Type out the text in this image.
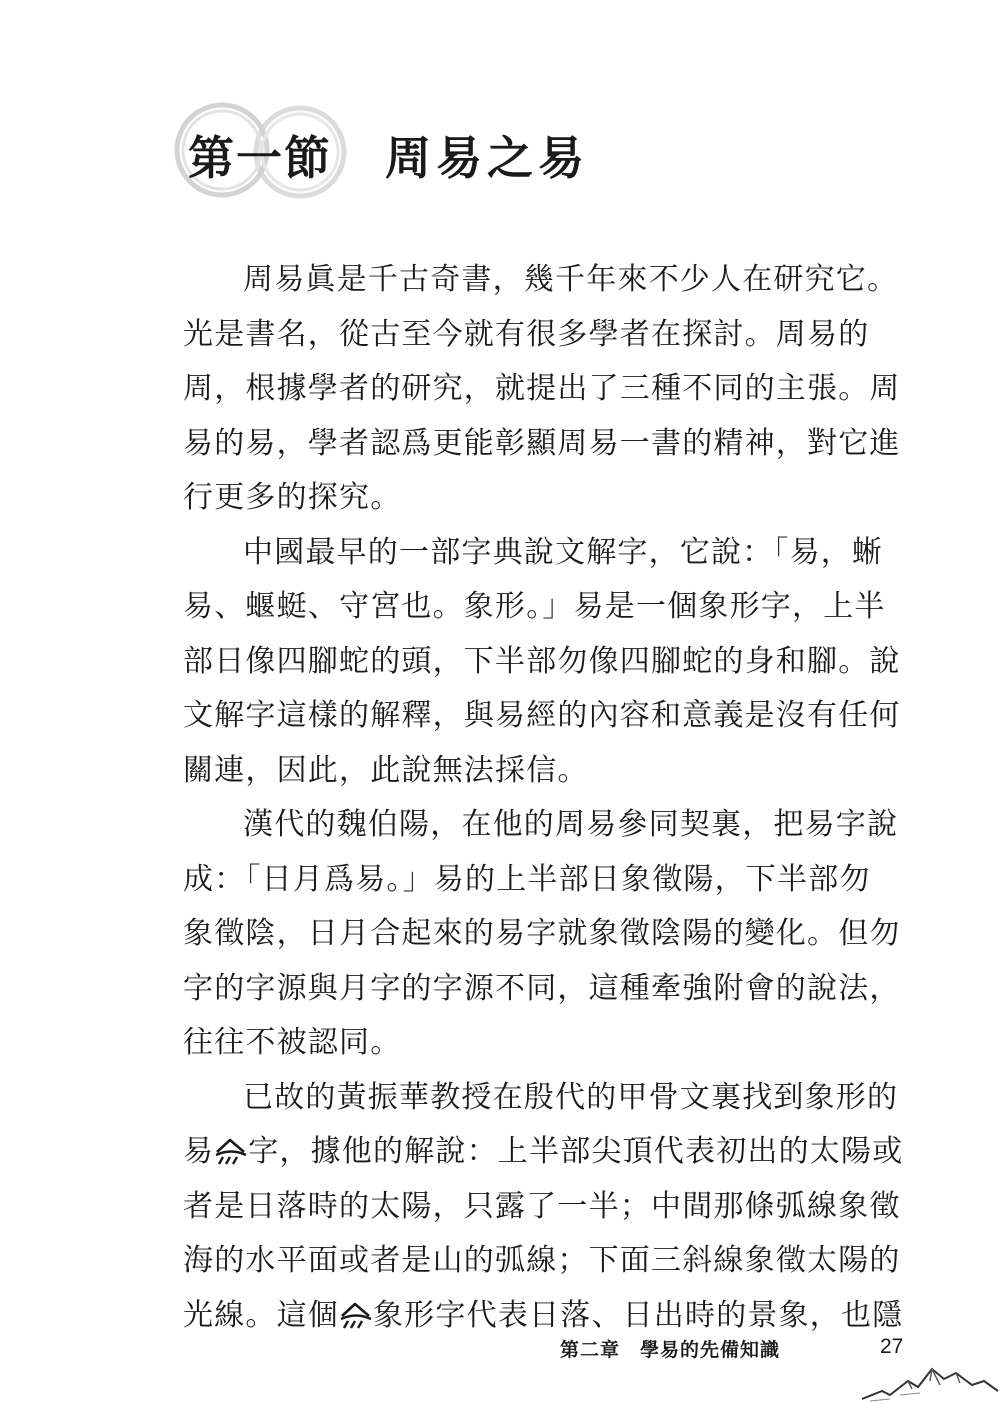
第一節 周易之易
周易眞是千古奇書，幾千年來不少人在研究它。
光是書名，從古至今就有很多學者在探討。周易的
周，根據學者的研究，就提出了三種不同的主張。周
易的易，學者認爲更能彰顯周易一書的精神，對它進
行更多的探究。
中國最早的一部字典說文解字，它說：「易，蜥
易、蝘蜓、守宮也。象形。」易是一個象形字，上半
部日像四腳蛇的頭，下半部勿像四腳蛇的身和腳。說
文解字這樣的解釋，與易經的內容和意義是沒有任何
關連，因此，此說無法採信。
漢代的魏伯陽，在他的周易參同契裏，把易字說
成：「日月爲易。」易的上半部日象徵陽，下半部勿
象徵陰，日月合起來的易字就象徵陰陽的變化。但勿
字的字源與月字的字源不同，這種牽強附會的說法，
往往不被認同。
已故的黃振華教授在殷代的甲骨文裏找到象形的
易 字，據他的解說：上半部尖頂代表初出的太陽或
者是日落時的太陽，只露了一半；中間那條弧線象徵
海的水平面或者是山的弧線；下面三斜線象徵太陽的
光線。這個 象形字代表日落、日出時的景象，也隱
第二章　學易的先備知識	27
